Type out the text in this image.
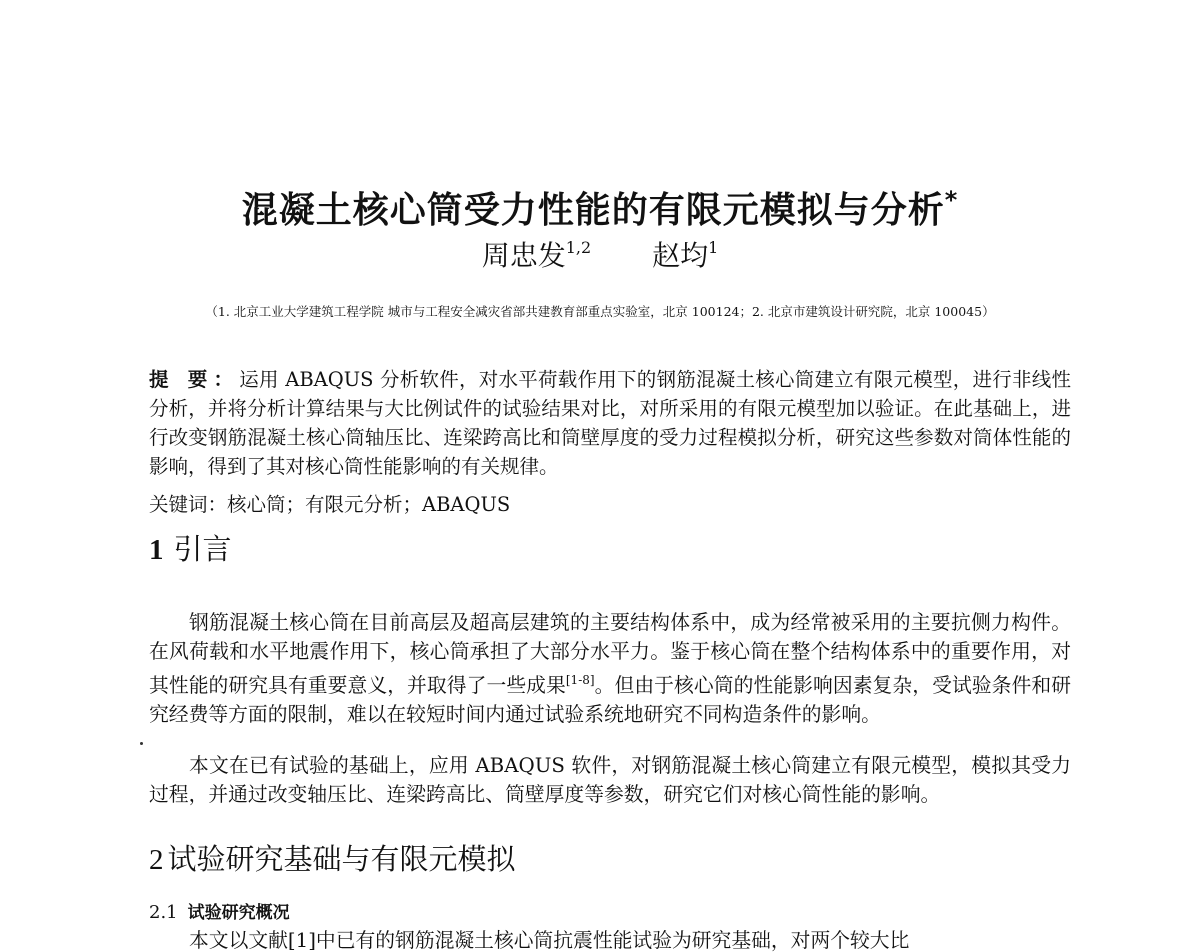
混凝土核心筒受力性能的有限元模拟与分析*
周忠发$^{1,2}$ 赵均$^1$
（1. 北京工业大学建筑工程学院 城市与工程安全减灾省部共建教育部重点实验室，北京 100124；2. 北京市建筑设计研究院，北京 100045）

提 要：运用 ABAQUS 分析软件，对水平荷载作用下的钢筋混凝土核心筒建立有限元模型，进行非线性分析，并将分析计算结果与大比例试件的试验结果对比，对所采用的有限元模型加以验证。在此基础上，进行改变钢筋混凝土核心筒轴压比、连梁跨高比和筒壁厚度的受力过程模拟分析，研究这些参数对筒体性能的影响，得到了其对核心筒性能影响的有关规律。

关键词：核心筒；有限元分析；ABAQUS

1 引言

钢筋混凝土核心筒在目前高层及超高层建筑的主要结构体系中，成为经常被采用的主要抗侧力构件。在风荷载和水平地震作用下，核心筒承担了大部分水平力。鉴于核心筒在整个结构体系中的重要作用，对其性能的研究具有重要意义，并取得了一些成果[1-8]。但由于核心筒的性能影响因素复杂，受试验条件和研究经费等方面的限制，难以在较短时间内通过试验系统地研究不同构造条件的影响。

本文在已有试验的基础上，应用 ABAQUS 软件，对钢筋混凝土核心筒建立有限元模型，模拟其受力过程，并通过改变轴压比、连梁跨高比、筒壁厚度等参数，研究它们对核心筒性能的影响。

2 试验研究基础与有限元模拟
2.1 试验研究概况

本文以文献[1]中已有的钢筋混凝土核心筒抗震性能试验为研究基础，对两个较大比
